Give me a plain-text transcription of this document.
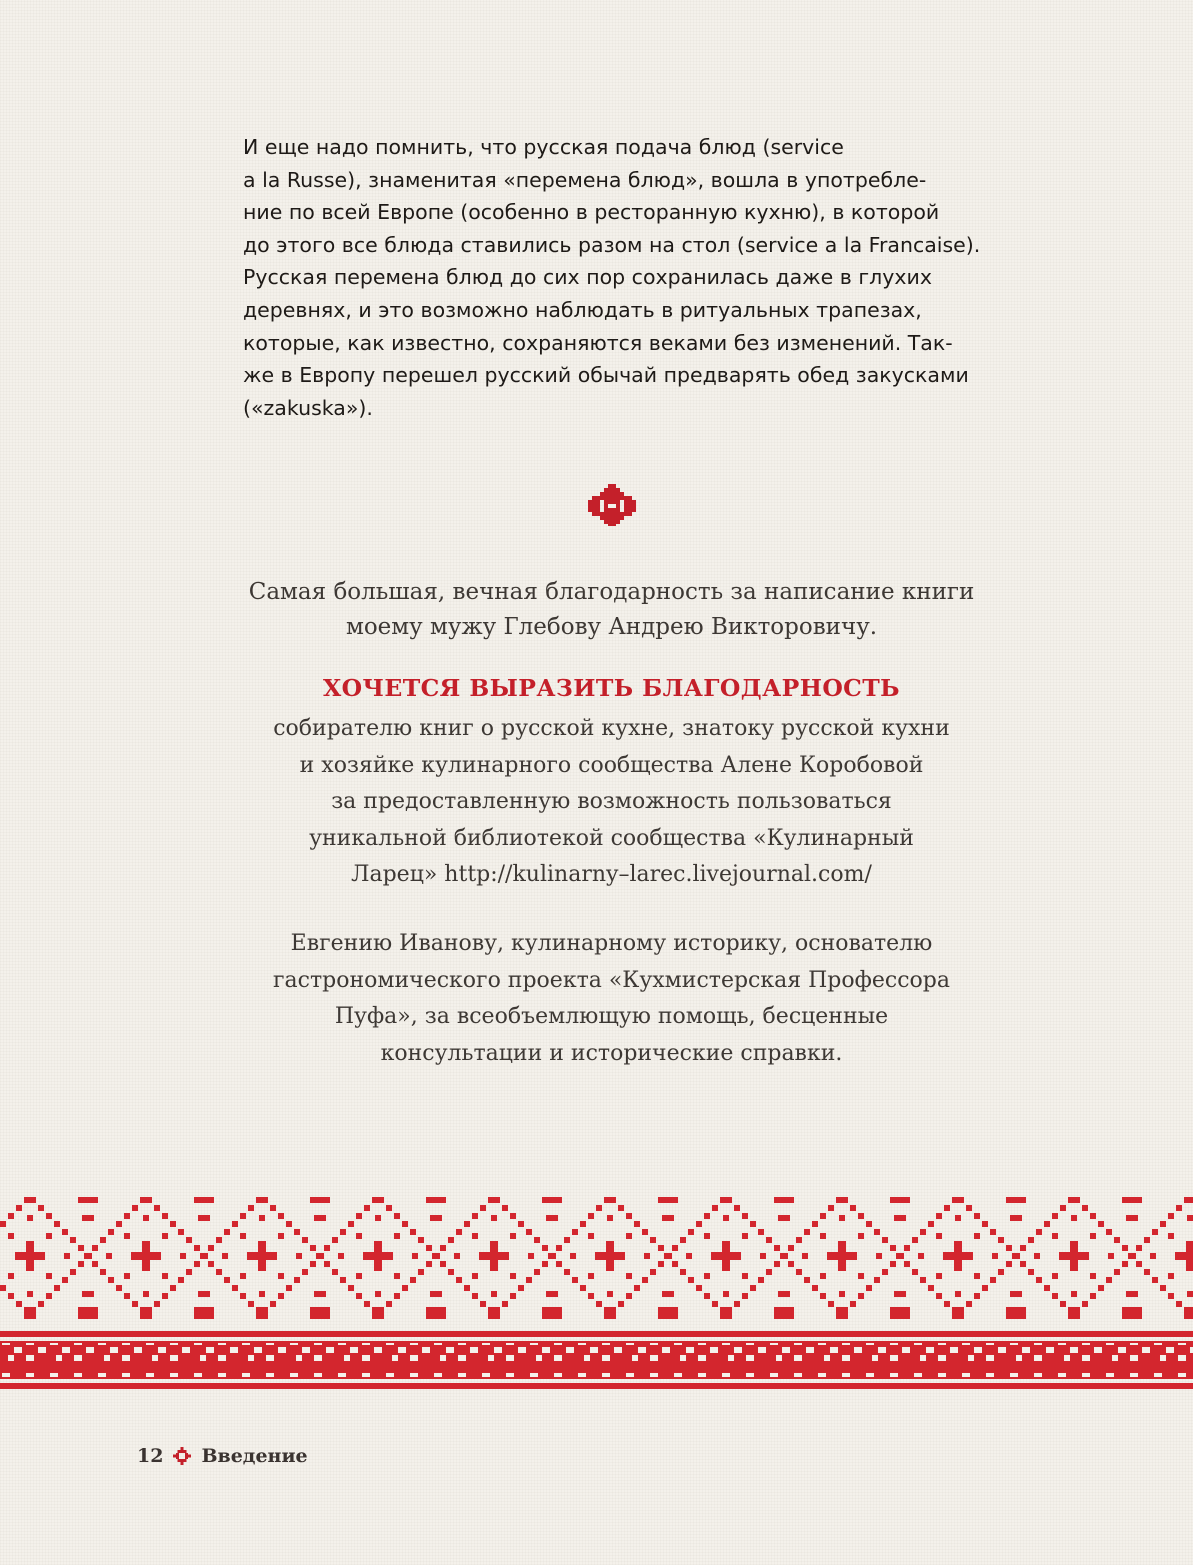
И еще надо помнить, что русская подача блюд (service
a la Russe), знаменитая «перемена блюд», вошла в употребле-
ние по всей Европе (особенно в ресторанную кухню), в которой
до этого все блюда ставились разом на стол (service a la Francaise).
Русская перемена блюд до сих пор сохранилась даже в глухих
деревнях, и это возможно наблюдать в ритуальных трапезах,
которые, как известно, сохраняются веками без изменений. Так-
же в Европу перешел русский обычай предварять обед закусками
(«zakuska»).
Самая большая, вечная благодарность за написание книги
моему мужу Глебову Андрею Викторовичу.
ХОЧЕТСЯ ВЫРАЗИТЬ БЛАГОДАРНОСТЬ
собирателю книг о русской кухне, знатоку русской кухни
и хозяйке кулинарного сообщества Алене Коробовой
за предоставленную возможность пользоваться
уникальной библиотекой сообщества «Кулинарный
Ларец» http://kulinarny–larec.livejournal.com/
Евгению Иванову, кулинарному историку, основателю
гастрономического проекта «Кухмистерская Профессора
Пуфа», за всеобъемлющую помощь, бесценные
консультации и исторические справки.
12 Введение
